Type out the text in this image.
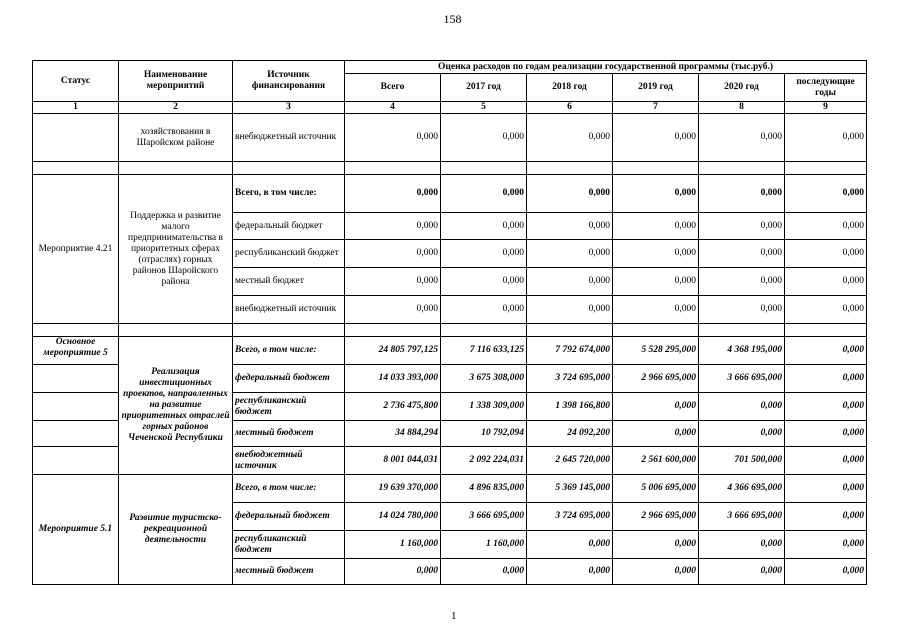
158
Статус	Наименование мероприятий	Источник финансирования	Оценка расходов по годам реализации государственной программы (тыс.руб.)					
			Всего	2017 год	2018 год	2019 год	2020 год	последующие годы
1	2	3	4	5	6	7	8	9
	хозяйствования в Шаройском районе	внебюджетный источник	0,000	0,000	0,000	0,000	0,000	0,000

Мероприятие 4.21	Поддержка и развитие малого предпринимательства в приоритетных сферах (отраслях) горных районов Шаройского района	Всего, в том числе:	0,000	0,000	0,000	0,000	0,000	0,000
		федеральный бюджет	0,000	0,000	0,000	0,000	0,000	0,000
		республиканский бюджет	0,000	0,000	0,000	0,000	0,000	0,000
		местный бюджет	0,000	0,000	0,000	0,000	0,000	0,000
		внебюджетный источник	0,000	0,000	0,000	0,000	0,000	0,000

Основное мероприятие 5	Реализация инвестиционных проектов, направленных на развитие приоритетных отраслей горных районов Чеченской Республики	Всего, в том числе:	24 805 797,125	7 116 633,125	7 792 674,000	5 528 295,000	4 368 195,000	0,000
		федеральный бюджет	14 033 393,000	3 675 308,000	3 724 695,000	2 966 695,000	3 666 695,000	0,000
		республиканский бюджет	2 736 475,800	1 338 309,000	1 398 166,800	0,000	0,000	0,000
		местный бюджет	34 884,294	10 792,094	24 092,200	0,000	0,000	0,000
		внебюджетный источник	8 001 044,031	2 092 224,031	2 645 720,000	2 561 600,000	701 500,000	0,000
Мероприятие 5.1	Развитие туристско-рекреационной деятельности	Всего, в том числе:	19 639 370,000	4 896 835,000	5 369 145,000	5 006 695,000	4 366 695,000	0,000
		федеральный бюджет	14 024 780,000	3 666 695,000	3 724 695,000	2 966 695,000	3 666 695,000	0,000
		республиканский бюджет	1 160,000	1 160,000	0,000	0,000	0,000	0,000
		местный бюджет	0,000	0,000	0,000	0,000	0,000	0,000
1
